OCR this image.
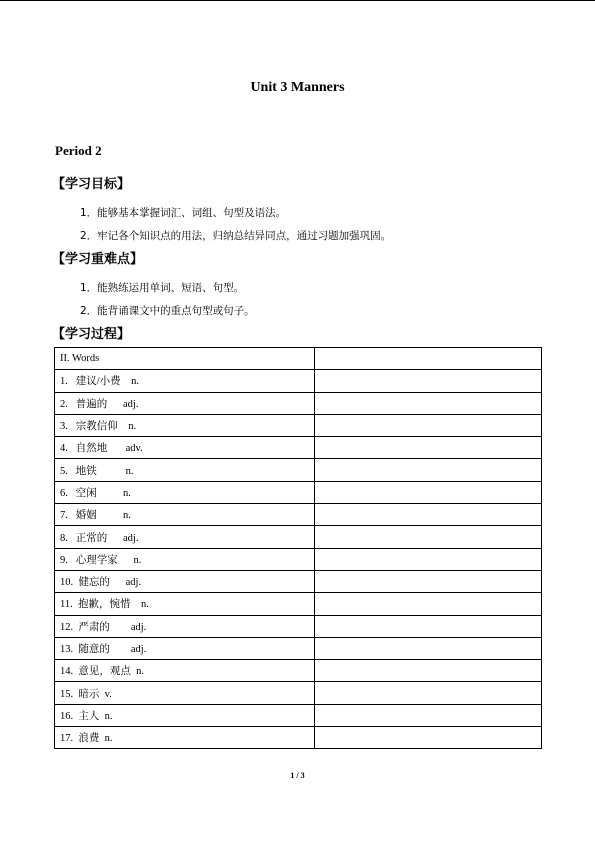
Unit 3 Manners
Period 2
【学习目标】
1．能够基本掌握词汇、词组、句型及语法。
2．牢记各个知识点的用法，归纳总结异同点，通过习题加强巩固。
【学习重难点】
1．能熟练运用单词、短语、句型。
2．能背诵课文中的重点句型或句子。
【学习过程】
II. Words	
1.   建议/小费    n.	
2.   普遍的      adj.	
3.   宗教信仰    n.	
4.   自然地       adv.	
5.   地铁           n.	
6.   空闲          n.	
7.   婚姻          n.	
8.   正常的      adj.	
9.   心理学家      n.	
10.  健忘的      adj.	
11.  抱歉，惋惜    n.	
12.  严肃的        adj.	
13.  随意的        adj.	
14.  意见，观点  n.	
15.  暗示  v.	
16.  主人  n.	
17.  浪费  n.	
1 / 3
